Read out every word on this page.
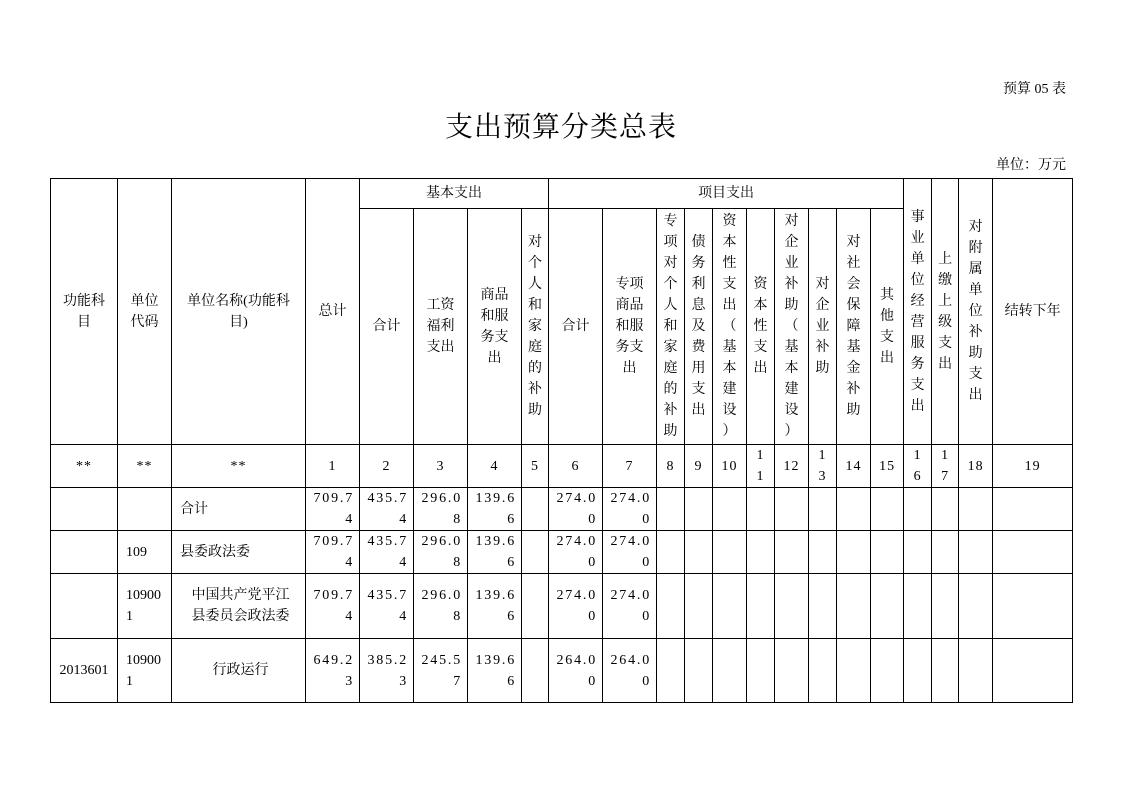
预算 05 表
支出预算分类总表
单位：万元
功能科目	单位代码	单位名称(功能科目)	总计	基本支出				项目支出										事业单位经营服务支出	上缴上级支出	对附属单位补助支出	结转下年
				合计	工资福利支出	商品和服务支出	对个人和家庭的补助	合计	专项商品和服务支出	专项对个人和家庭的补助	债务利息及费用支出	资本性支出（基本建设）	资本性支出	对企业补助（基本建设）	对企业补助	对社会保障基金补助	其他支出				
**	**	**	1	2	3	4	5	6	7	8	9	10	11	12	13	14	15	16	17	18	19
		合计	709.74	435.74	296.08	139.66		274.00	274.00												
	109	县委政法委	709.74	435.74	296.08	139.66		274.00	274.00												
	109001	中国共产党平江县委员会政法委	709.74	435.74	296.08	139.66		274.00	274.00												
2013601	109001	行政运行	649.23	385.23	245.57	139.66		264.00	264.00												
